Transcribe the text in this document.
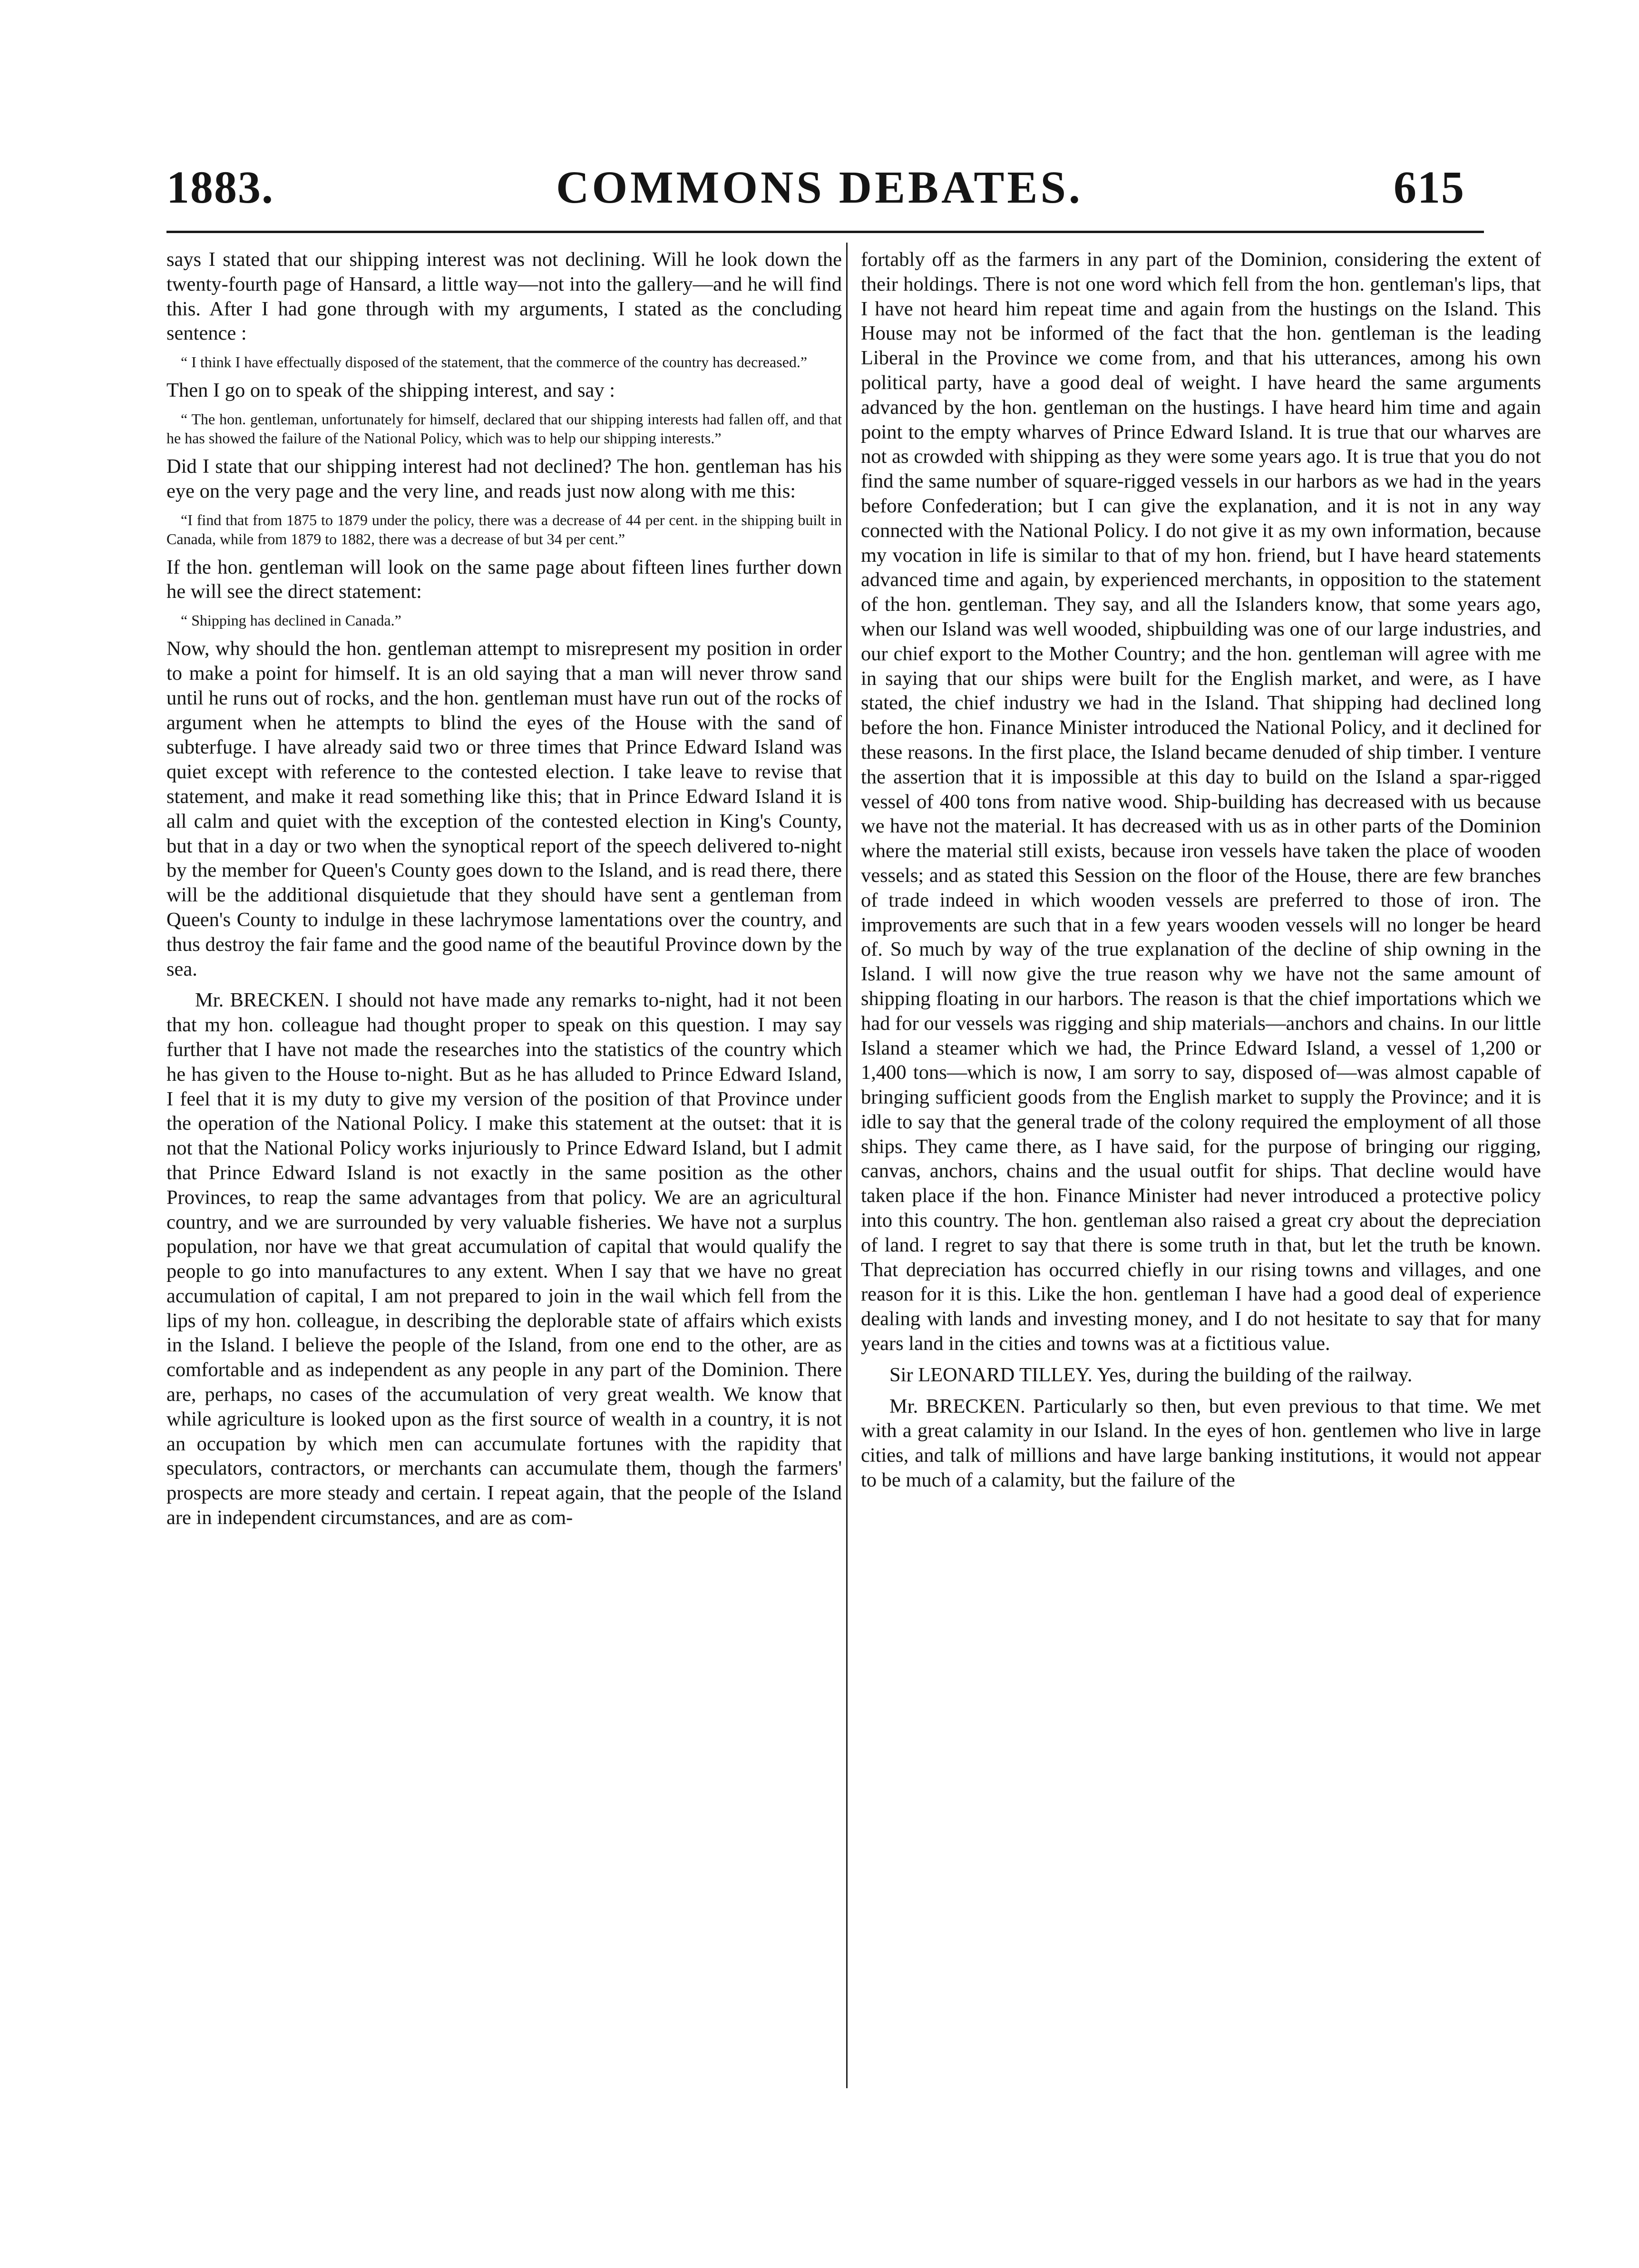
COMMONS DEBATES.
1883.	615

says I stated that our shipping interest was not declining. Will he look down the twenty-fourth page of Hansard, a little way—not into the gallery—and he will find this. After I had gone through with my arguments, I stated as the concluding sentence :

“ I think I have effectually disposed of the statement, that the commerce of the country has decreased.”

Then I go on to speak of the shipping interest, and say :

“ The hon. gentleman, unfortunately for himself, declared that our shipping interests had fallen off, and that he has showed the failure of the National Policy, which was to help our shipping interests.”

Did I state that our shipping interest had not declined? The hon. gentleman has his eye on the very page and the very line, and reads just now along with me this:

“I find that from 1875 to 1879 under the policy, there was a decrease of 44 per cent. in the shipping built in Canada, while from 1879 to 1882, there was a decrease of but 34 per cent.”

If the hon. gentleman will look on the same page about fifteen lines further down he will see the direct statement:

“ Shipping has declined in Canada.”

Now, why should the hon. gentleman attempt to misrepresent my position in order to make a point for himself. It is an old saying that a man will never throw sand until he runs out of rocks, and the hon. gentleman must have run out of the rocks of argument when he attempts to blind the eyes of the House with the sand of subterfuge. I have already said two or three times that Prince Edward Island was quiet except with reference to the contested election. I take leave to revise that statement, and make it read something like this; that in Prince Edward Island it is all calm and quiet with the exception of the contested election in King's County, but that in a day or two when the synoptical report of the speech delivered to-night by the member for Queen's County goes down to the Island, and is read there, there will be the additional disquietude that they should have sent a gentleman from Queen's County to indulge in these lachrymose lamentations over the country, and thus destroy the fair fame and the good name of the beautiful Province down by the sea.

Mr. BRECKEN. I should not have made any remarks to-night, had it not been that my hon. colleague had thought proper to speak on this question. I may say further that I have not made the researches into the statistics of the country which he has given to the House to-night. But as he has alluded to Prince Edward Island, I feel that it is my duty to give my version of the position of that Province under the operation of the National Policy. I make this statement at the outset: that it is not that the National Policy works injuriously to Prince Edward Island, but I admit that Prince Edward Island is not exactly in the same position as the other Provinces, to reap the same advantages from that policy. We are an agricultural country, and we are surrounded by very valuable fisheries. We have not a surplus population, nor have we that great accumulation of capital that would qualify the people to go into manufactures to any extent. When I say that we have no great accumulation of capital, I am not prepared to join in the wail which fell from the lips of my hon. colleague, in describing the deplorable state of affairs which exists in the Island. I believe the people of the Island, from one end to the other, are as comfortable and as independent as any people in any part of the Dominion. There are, perhaps, no cases of the accumulation of very great wealth. We know that while agriculture is looked upon as the first source of wealth in a country, it is not an occupation by which men can accumulate fortunes with the rapidity that speculators, contractors, or merchants can accumulate them, though the farmers' prospects are more steady and certain. I repeat again, that the people of the Island are in independent circumstances, and are as com-

fortably off as the farmers in any part of the Dominion, considering the extent of their holdings. There is not one word which fell from the hon. gentleman's lips, that I have not heard him repeat time and again from the hustings on the Island. This House may not be informed of the fact that the hon. gentleman is the leading Liberal in the Province we come from, and that his utterances, among his own political party, have a good deal of weight. I have heard the same arguments advanced by the hon. gentleman on the hustings. I have heard him time and again point to the empty wharves of Prince Edward Island. It is true that our wharves are not as crowded with shipping as they were some years ago. It is true that you do not find the same number of square-rigged vessels in our harbors as we had in the years before Confederation; but I can give the explanation, and it is not in any way connected with the National Policy. I do not give it as my own information, because my vocation in life is similar to that of my hon. friend, but I have heard statements advanced time and again, by experienced merchants, in opposition to the statement of the hon. gentleman. They say, and all the Islanders know, that some years ago, when our Island was well wooded, shipbuilding was one of our large industries, and our chief export to the Mother Country; and the hon. gentleman will agree with me in saying that our ships were built for the English market, and were, as I have stated, the chief industry we had in the Island. That shipping had declined long before the hon. Finance Minister introduced the National Policy, and it declined for these reasons. In the first place, the Island became denuded of ship timber. I venture the assertion that it is impossible at this day to build on the Island a spar-rigged vessel of 400 tons from native wood. Ship-building has decreased with us because we have not the material. It has decreased with us as in other parts of the Dominion where the material still exists, because iron vessels have taken the place of wooden vessels; and as stated this Session on the floor of the House, there are few branches of trade indeed in which wooden vessels are preferred to those of iron. The improvements are such that in a few years wooden vessels will no longer be heard of. So much by way of the true explanation of the decline of ship owning in the Island. I will now give the true reason why we have not the same amount of shipping floating in our harbors. The reason is that the chief importations which we had for our vessels was rigging and ship materials—anchors and chains. In our little Island a steamer which we had, the Prince Edward Island, a vessel of 1,200 or 1,400 tons—which is now, I am sorry to say, disposed of—was almost capable of bringing sufficient goods from the English market to supply the Province; and it is idle to say that the general trade of the colony required the employment of all those ships. They came there, as I have said, for the purpose of bringing our rigging, canvas, anchors, chains and the usual outfit for ships. That decline would have taken place if the hon. Finance Minister had never introduced a protective policy into this country. The hon. gentleman also raised a great cry about the depreciation of land. I regret to say that there is some truth in that, but let the truth be known. That depreciation has occurred chiefly in our rising towns and villages, and one reason for it is this. Like the hon. gentleman I have had a good deal of experience dealing with lands and investing money, and I do not hesitate to say that for many years land in the cities and towns was at a fictitious value.

Sir LEONARD TILLEY. Yes, during the building of the railway.

Mr. BRECKEN. Particularly so then, but even previous to that time. We met with a great calamity in our Island. In the eyes of hon. gentlemen who live in large cities, and talk of millions and have large banking institutions, it would not appear to be much of a calamity, but the failure of the
